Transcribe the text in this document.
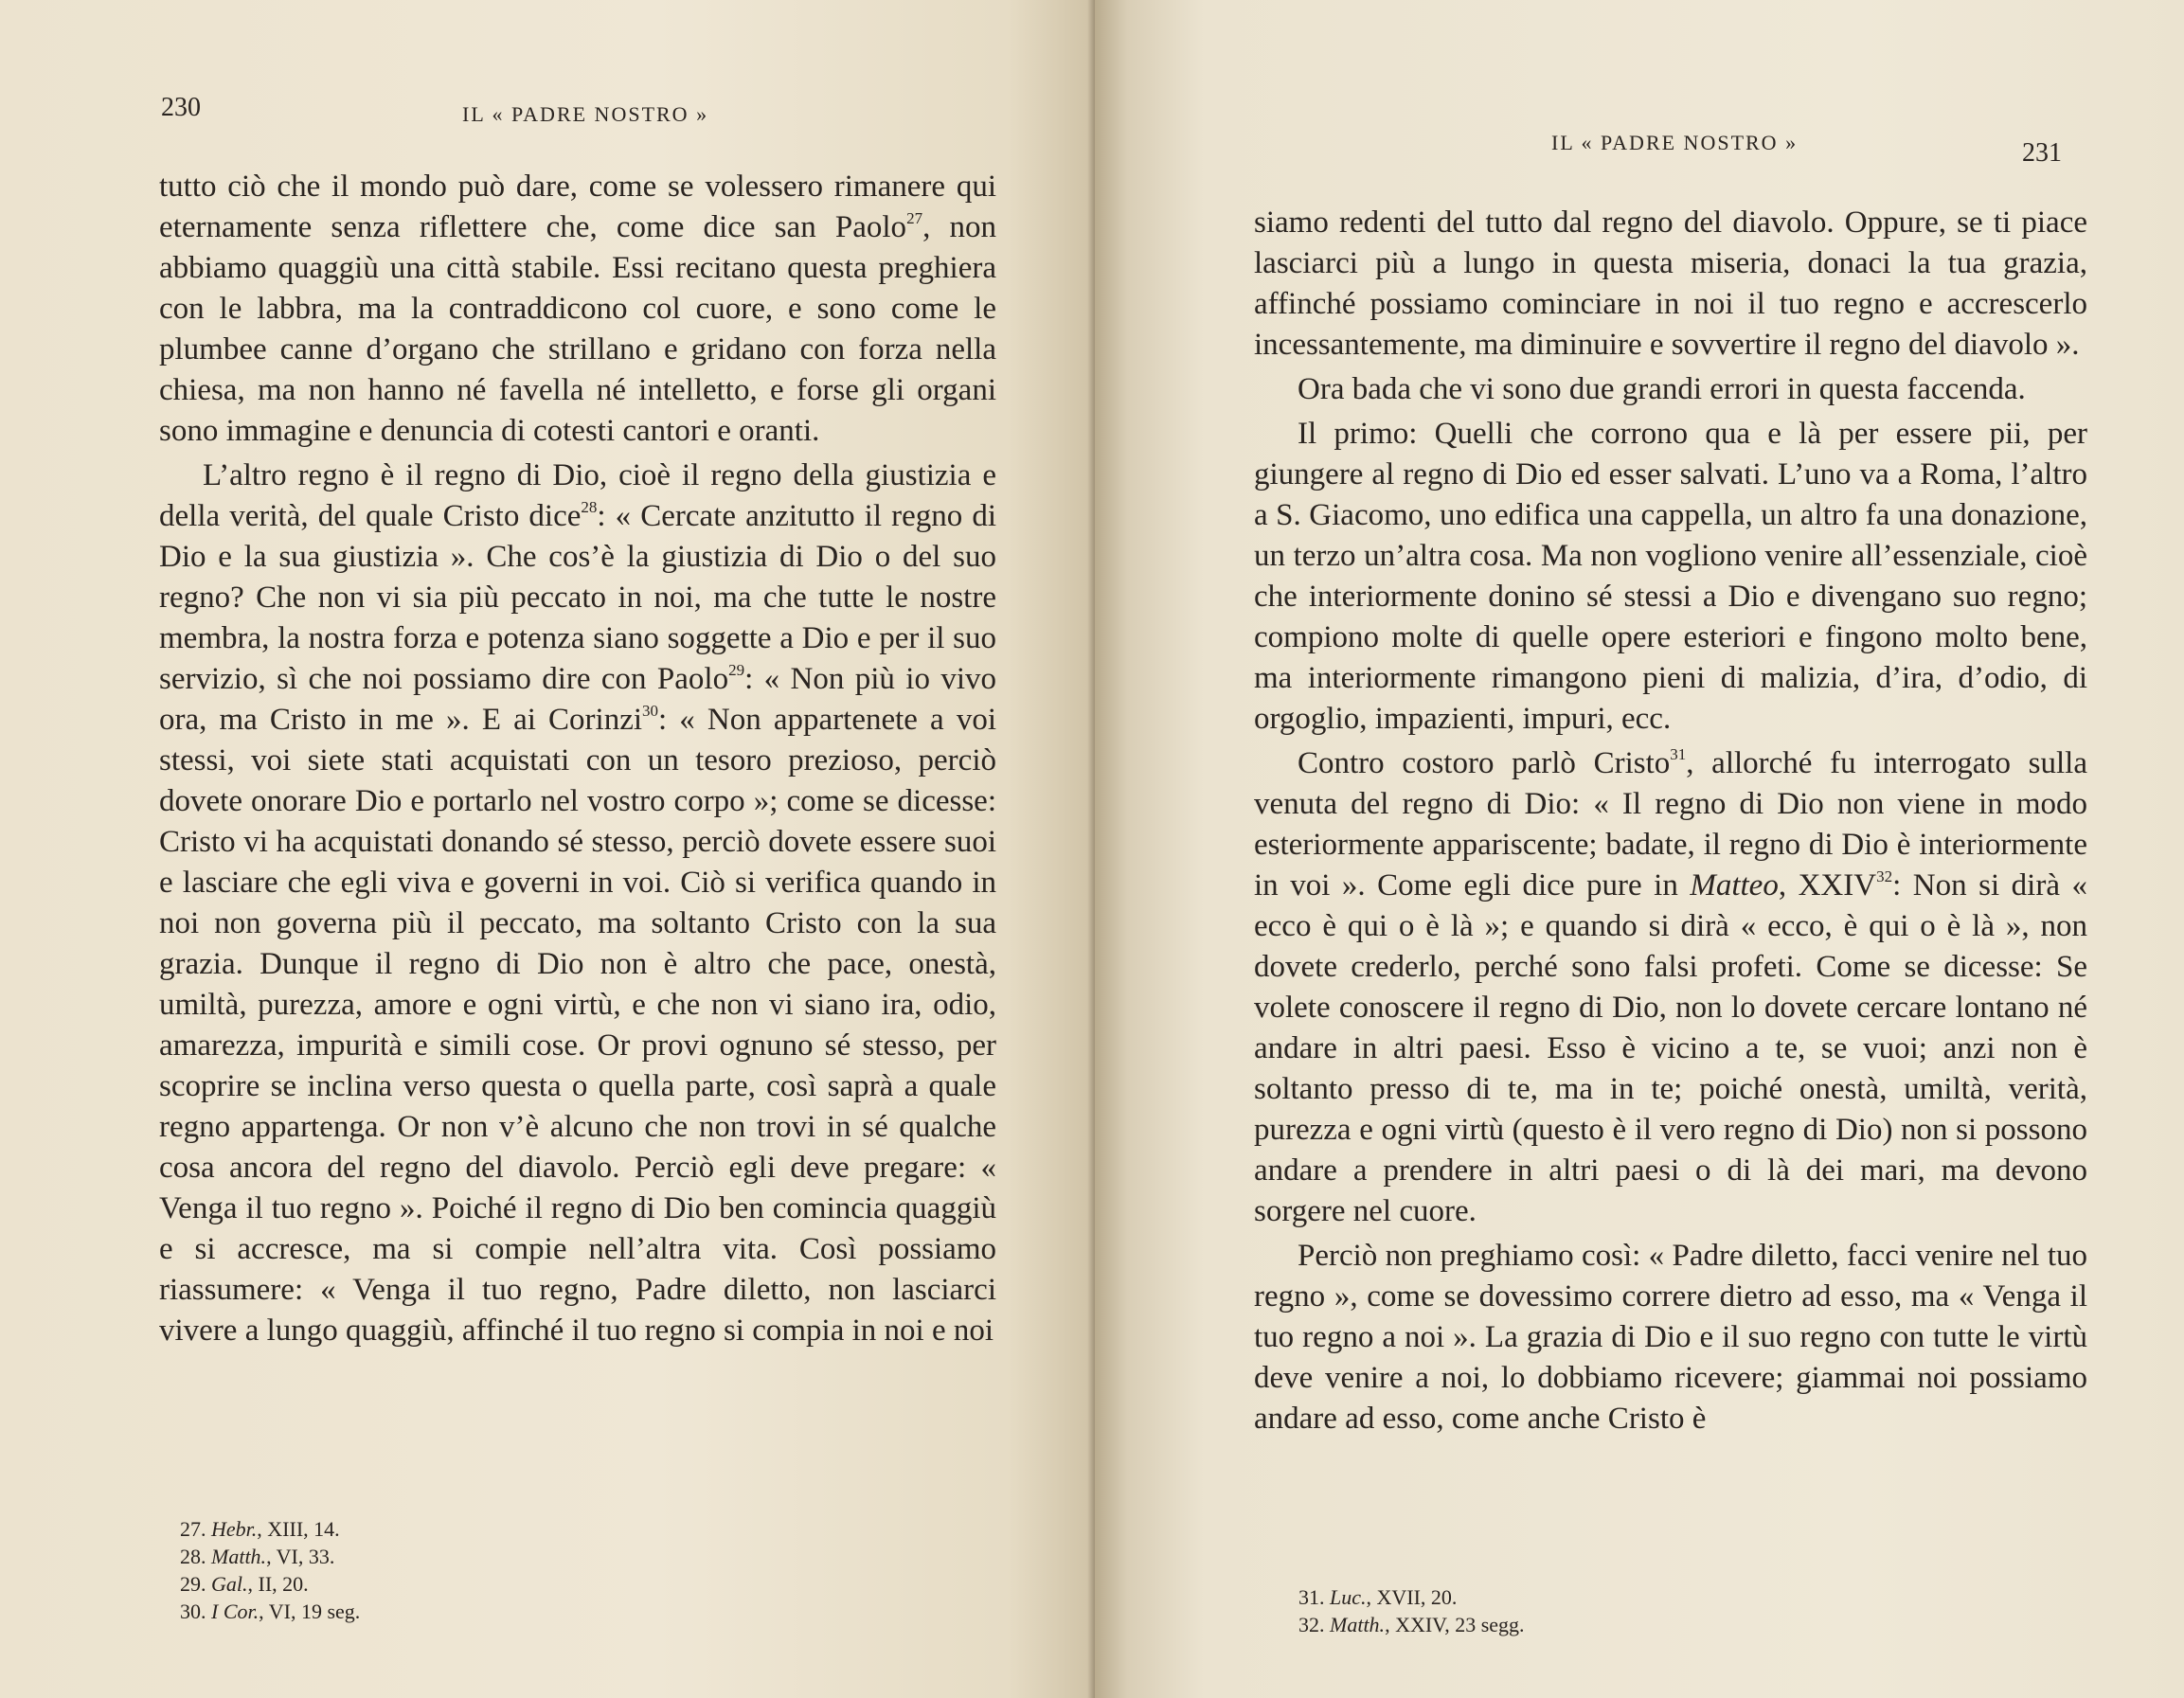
230	IL « PADRE NOSTRO »

tutto ciò che il mondo può dare, come se volessero rimanere qui eternamente senza riflettere che, come dice san Paolo$^{27}$, non abbiamo quaggiù una città stabile. Essi recitano questa preghiera con le labbra, ma la contraddicono col cuore, e sono come le plumbee canne d’organo che strillano e gridano con forza nella chiesa, ma non hanno né favella né intelletto, e forse gli organi sono immagine e denuncia di cotesti cantori e oranti.

L’altro regno è il regno di Dio, cioè il regno della giustizia e della verità, del quale Cristo dice$^{28}$: « Cercate anzitutto il regno di Dio e la sua giustizia ». Che cos’è la giustizia di Dio o del suo regno? Che non vi sia più peccato in noi, ma che tutte le nostre membra, la nostra forza e potenza siano soggette a Dio e per il suo servizio, sì che noi possiamo dire con Paolo$^{29}$: « Non più io vivo ora, ma Cristo in me ». E ai Corinzi$^{30}$: « Non appartenete a voi stessi, voi siete stati acquistati con un tesoro prezioso, perciò dovete onorare Dio e portarlo nel vostro corpo »; come se dicesse: Cristo vi ha acquistati donando sé stesso, perciò dovete essere suoi e lasciare che egli viva e governi in voi. Ciò si verifica quando in noi non governa più il peccato, ma soltanto Cristo con la sua grazia. Dunque il regno di Dio non è altro che pace, onestà, umiltà, purezza, amore e ogni virtù, e che non vi siano ira, odio, amarezza, impurità e simili cose. Or provi ognuno sé stesso, per scoprire se inclina verso questa o quella parte, così saprà a quale regno appartenga. Or non v’è alcuno che non trovi in sé qualche cosa ancora del regno del diavolo. Perciò egli deve pregare: « Venga il tuo regno ». Poiché il regno di Dio ben comincia quaggiù e si accresce, ma si compie nell’altra vita. Così possiamo riassumere: « Venga il tuo regno, Padre diletto, non lasciarci vivere a lungo quaggiù, affinché il tuo regno si compia in noi e noi

27. Hebr., XIII, 14.
28. Matth., VI, 33.
29. Gal., II, 20.
30. I Cor., VI, 19 seg.
IL « PADRE NOSTRO »	231

siamo redenti del tutto dal regno del diavolo. Oppure, se ti piace lasciarci più a lungo in questa miseria, donaci la tua grazia, affinché possiamo cominciare in noi il tuo regno e accrescerlo incessantemente, ma diminuire e sovvertire il regno del diavolo ».

Ora bada che vi sono due grandi errori in questa faccenda.

Il primo: Quelli che corrono qua e là per essere pii, per giungere al regno di Dio ed esser salvati. L’uno va a Roma, l’altro a S. Giacomo, uno edifica una cappella, un altro fa una donazione, un terzo un’altra cosa. Ma non vogliono venire all’essenziale, cioè che interiormente donino sé stessi a Dio e divengano suo regno; compiono molte di quelle opere esteriori e fingono molto bene, ma interiormente rimangono pieni di malizia, d’ira, d’odio, di orgoglio, impazienti, impuri, ecc.

Contro costoro parlò Cristo$^{31}$, allorché fu interrogato sulla venuta del regno di Dio: « Il regno di Dio non viene in modo esteriormente appariscente; badate, il regno di Dio è interiormente in voi ». Come egli dice pure in Matteo, XXIV$^{32}$: Non si dirà « ecco è qui o è là »; e quando si dirà « ecco, è qui o è là », non dovete crederlo, perché sono falsi profeti. Come se dicesse: Se volete conoscere il regno di Dio, non lo dovete cercare lontano né andare in altri paesi. Esso è vicino a te, se vuoi; anzi non è soltanto presso di te, ma in te; poiché onestà, umiltà, verità, purezza e ogni virtù (questo è il vero regno di Dio) non si possono andare a prendere in altri paesi o di là dei mari, ma devono sorgere nel cuore.

Perciò non preghiamo così: « Padre diletto, facci venire nel tuo regno », come se dovessimo correre dietro ad esso, ma « Venga il tuo regno a noi ». La grazia di Dio e il suo regno con tutte le virtù deve venire a noi, lo dobbiamo ricevere; giammai noi possiamo andare ad esso, come anche Cristo è

31. Luc., XVII, 20.
32. Matth., XXIV, 23 segg.
